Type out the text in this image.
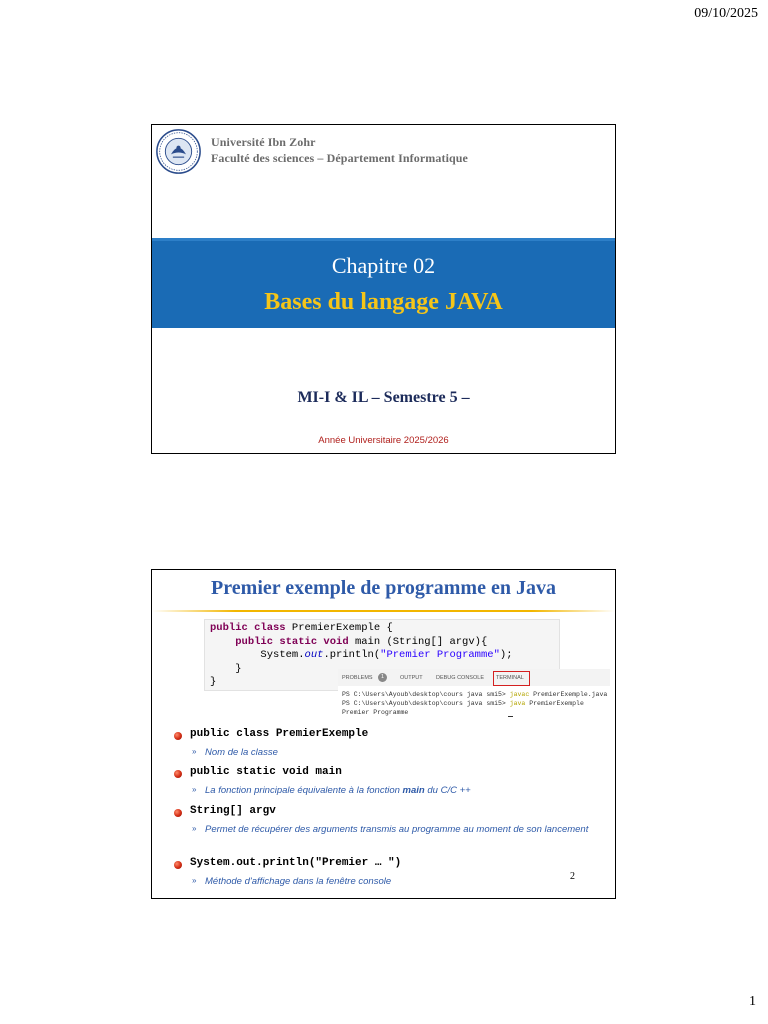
09/10/2025
Université Ibn Zohr
Faculté des sciences – Département Informatique
Chapitre 02
Bases du langage JAVA
MI-I & IL – Semestre 5 –
Année Universitaire 2025/2026
Premier exemple de programme en Java
public class PremierExemple {
public static void main (String[] argv){
System.out.println("Premier Programme");
}
}	PROBLEMS	1	OUTPUT DEBUG CONSOLE TERMINAL
PS C:\Users\Ayoub\desktop\cours java smi5> javac PremierExemple.java
PS C:\Users\Ayoub\desktop\cours java smi5> java PremierExemple
Premier Programme
public class PremierExemple
» Nom de la classe
public static void main
» La fonction principale équivalente à la fonction main du C/C ++
String[] argv
» Permet de récupérer des arguments transmis au programme au moment de son lancement
System.out.println("Premier … ")
» Méthode d'affichage dans la fenêtre console	2
1
